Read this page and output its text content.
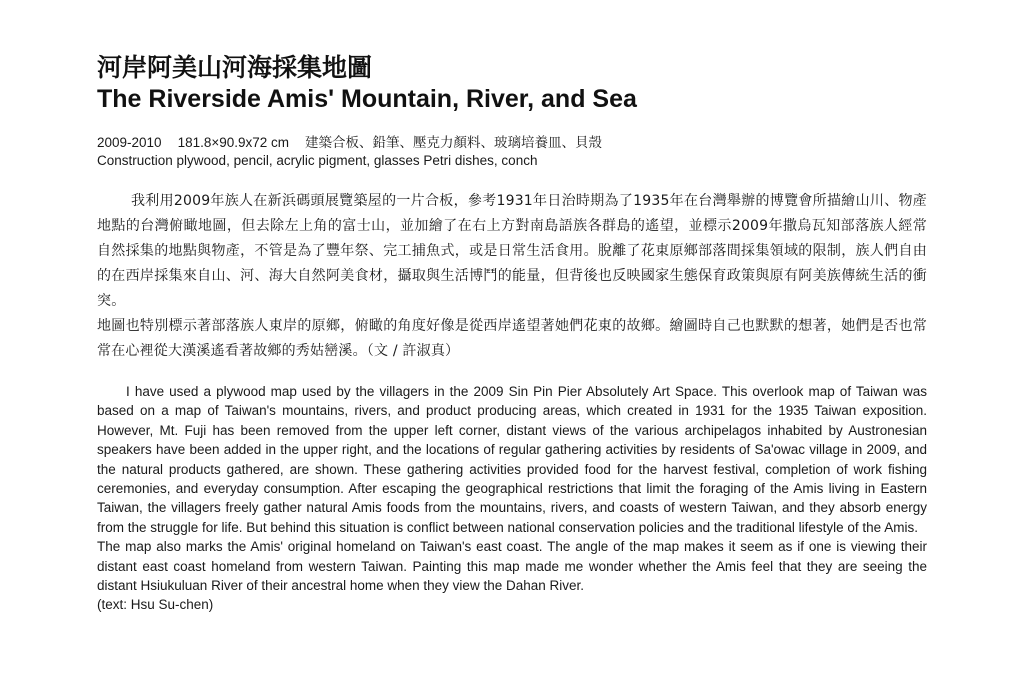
河岸阿美山河海採集地圖
The Riverside Amis' Mountain, River, and Sea
2009-2010 181.8×90.9x72 cm 建築合板、鉛筆、壓克力顏料、玻璃培養皿、貝殼
Construction plywood, pencil, acrylic pigment, glasses Petri dishes, conch

我利用2009年族人在新浜碼頭展覽築屋的一片合板，參考1931年日治時期為了1935年在台灣舉辦的博覽會所描繪山川、物產地點的台灣俯瞰地圖，但去除左上角的富士山，並加繪了在右上方對南島語族各群島的遙望，並標示2009年撒烏瓦知部落族人經常自然採集的地點與物產，不管是為了豐年祭、完工捕魚式，或是日常生活食用。脫離了花東原鄉部落間採集領域的限制，族人們自由的在西岸採集來自山、河、海大自然阿美食材，攝取與生活博鬥的能量，但背後也反映國家生態保育政策與原有阿美族傳統生活的衝突。

地圖也特別標示著部落族人東岸的原鄉，俯瞰的角度好像是從西岸遙望著她們花東的故鄉。繪圖時自己也默默的想著，她們是否也常常在心裡從大漢溪遙看著故鄉的秀姑巒溪。（文 / 許淑真）

I have used a plywood map used by the villagers in the 2009 Sin Pin Pier Absolutely Art Space. This overlook map of Taiwan was based on a map of Taiwan's mountains, rivers, and product producing areas, which created in 1931 for the 1935 Taiwan exposition. However, Mt. Fuji has been removed from the upper left corner, distant views of the various archipelagos inhabited by Austronesian speakers have been added in the upper right, and the locations of regular gathering activities by residents of Sa'owac village in 2009, and the natural products gathered, are shown. These gathering activities provided food for the harvest festival, completion of work fishing ceremonies, and everyday consumption. After escaping the geographical restrictions that limit the foraging of the Amis living in Eastern Taiwan, the villagers freely gather natural Amis foods from the mountains, rivers, and coasts of western Taiwan, and they absorb energy from the struggle for life. But behind this situation is conflict between national conservation policies and the traditional lifestyle of the Amis.

The map also marks the Amis' original homeland on Taiwan's east coast. The angle of the map makes it seem as if one is viewing their distant east coast homeland from western Taiwan. Painting this map made me wonder whether the Amis feel that they are seeing the distant Hsiukuluan River of their ancestral home when they view the Dahan River.

(text: Hsu Su-chen)
